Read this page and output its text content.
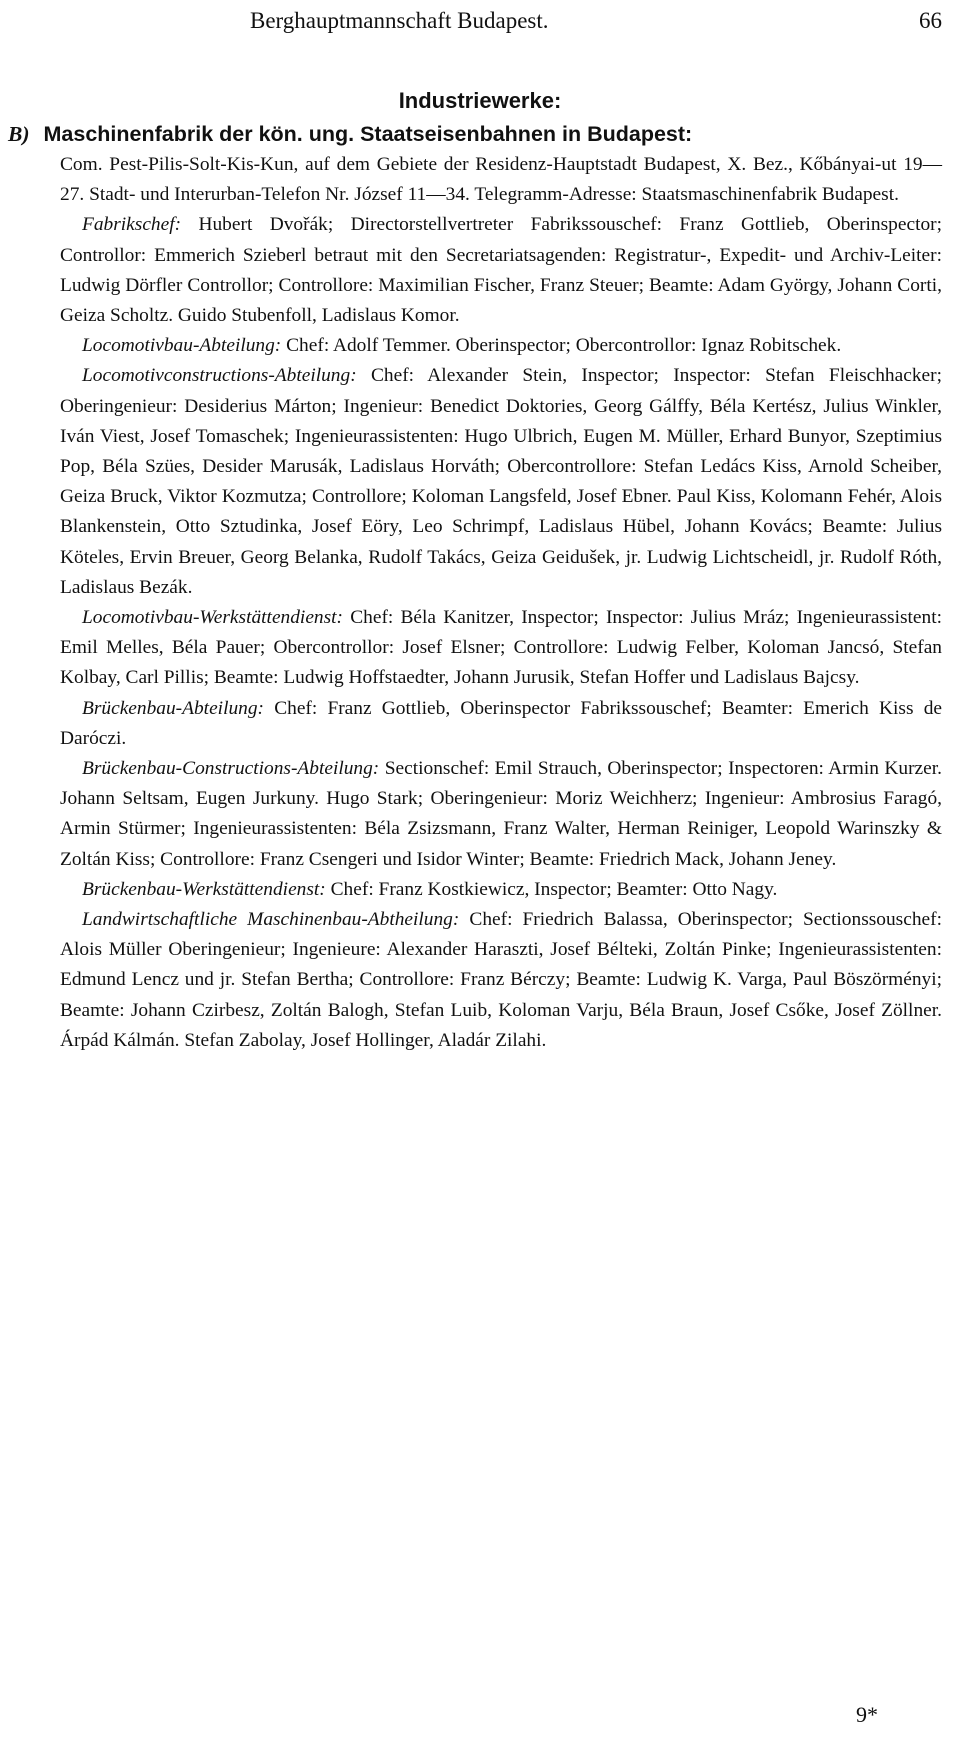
Berghauptmannschaft Budapest.	66
Industriewerke:
B) Maschinenfabrik der kön. ung. Staatseisenbahnen in Budapest:

Com. Pest-Pilis-Solt-Kis-Kun, auf dem Gebiete der Residenz-Hauptstadt Budapest, X. Bez., Kőbányai-ut 19—27. Stadt- und Interurban-Telefon Nr. József 11—34. Telegramm-Adresse: Staatsmaschinenfabrik Budapest.

Fabrikschef: Hubert Dvořák; Directorstellvertreter Fabrikssouschef: Franz Gottlieb, Oberinspector; Controllor: Emmerich Szieberl betraut mit den Secretariatsagenden: Registratur-, Expedit- und Archiv-Leiter: Ludwig Dörfler Controllor; Controllore: Maximilian Fischer, Franz Steuer; Beamte: Adam György, Johann Corti, Geiza Scholtz. Guido Stubenfoll, Ladislaus Komor.

Locomotivbau-Abteilung: Chef: Adolf Temmer. Oberinspector; Obercontrollor: Ignaz Robitschek.

Locomotivconstructions-Abteilung: Chef: Alexander Stein, Inspector; Inspector: Stefan Fleischhacker; Oberingenieur: Desiderius Márton; Ingenieur: Benedict Doktories, Georg Gálffy, Béla Kertész, Julius Winkler, Iván Viest, Josef Tomaschek; Ingenieurassistenten: Hugo Ulbrich, Eugen M. Müller, Erhard Bunyor, Szeptimius Pop, Béla Szües, Desider Marusák, Ladislaus Horváth; Obercontrollore: Stefan Ledács Kiss, Arnold Scheiber, Geiza Bruck, Viktor Kozmutza; Controllore; Koloman Langsfeld, Josef Ebner. Paul Kiss, Kolomann Fehér, Alois Blankenstein, Otto Sztudinka, Josef Eöry, Leo Schrimpf, Ladislaus Hübel, Johann Kovács; Beamte: Julius Köteles, Ervin Breuer, Georg Belanka, Rudolf Takács, Geiza Geidušek, jr. Ludwig Lichtscheidl, jr. Rudolf Róth, Ladislaus Bezák.

Locomotivbau-Werkstättendienst: Chef: Béla Kanitzer, Inspector; Inspector: Julius Mráz; Ingenieurassistent: Emil Melles, Béla Pauer; Obercontrollor: Josef Elsner; Controllore: Ludwig Felber, Koloman Jancsó, Stefan Kolbay, Carl Pillis; Beamte: Ludwig Hoffstaedter, Johann Jurusik, Stefan Hoffer und Ladislaus Bajcsy.

Brückenbau-Abteilung: Chef: Franz Gottlieb, Oberinspector Fabrikssouschef; Beamter: Emerich Kiss de Daróczi.

Brückenbau-Constructions-Abteilung: Sectionschef: Emil Strauch, Oberinspector; Inspectoren: Armin Kurzer. Johann Seltsam, Eugen Jurkuny. Hugo Stark; Oberingenieur: Moriz Weichherz; Ingenieur: Ambrosius Faragó, Armin Stürmer; Ingenieurassistenten: Béla Zsizsmann, Franz Walter, Herman Reiniger, Leopold Warinszky & Zoltán Kiss; Controllore: Franz Csengeri und Isidor Winter; Beamte: Friedrich Mack, Johann Jeney.

Brückenbau-Werkstättendienst: Chef: Franz Kostkiewicz, Inspector; Beamter: Otto Nagy.

Landwirtschaftliche Maschinenbau-Abtheilung: Chef: Friedrich Balassa, Oberinspector; Sectionssouschef: Alois Müller Oberingenieur; Ingenieure: Alexander Haraszti, Josef Bélteki, Zoltán Pinke; Ingenieurassistenten: Edmund Lencz und jr. Stefan Bertha; Controllore: Franz Bérczy; Beamte: Ludwig K. Varga, Paul Böszörményi; Beamte: Johann Czirbesz, Zoltán Balogh, Stefan Luib, Koloman Varju, Béla Braun, Josef Csőke, Josef Zöllner. Árpád Kálmán. Stefan Zabolay, Josef Hollinger, Aladár Zilahi.

9*
